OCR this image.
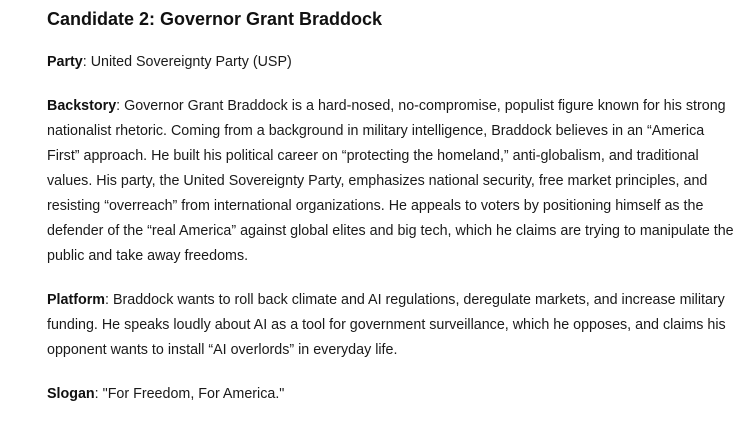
Candidate 2: Governor Grant Braddock

Party: United Sovereignty Party (USP)

Backstory: Governor Grant Braddock is a hard-nosed, no-compromise, populist figure known for his strong nationalist rhetoric. Coming from a background in military intelligence, Braddock believes in an “America First” approach. He built his political career on “protecting the homeland,” anti-globalism, and traditional values. His party, the United Sovereignty Party, emphasizes national security, free market principles, and resisting “overreach” from international organizations. He appeals to voters by positioning himself as the defender of the “real America” against global elites and big tech, which he claims are trying to manipulate the public and take away freedoms.

Platform: Braddock wants to roll back climate and AI regulations, deregulate markets, and increase military funding. He speaks loudly about AI as a tool for government surveillance, which he opposes, and claims his opponent wants to install “AI overlords” in everyday life.

Slogan: "For Freedom, For America."
